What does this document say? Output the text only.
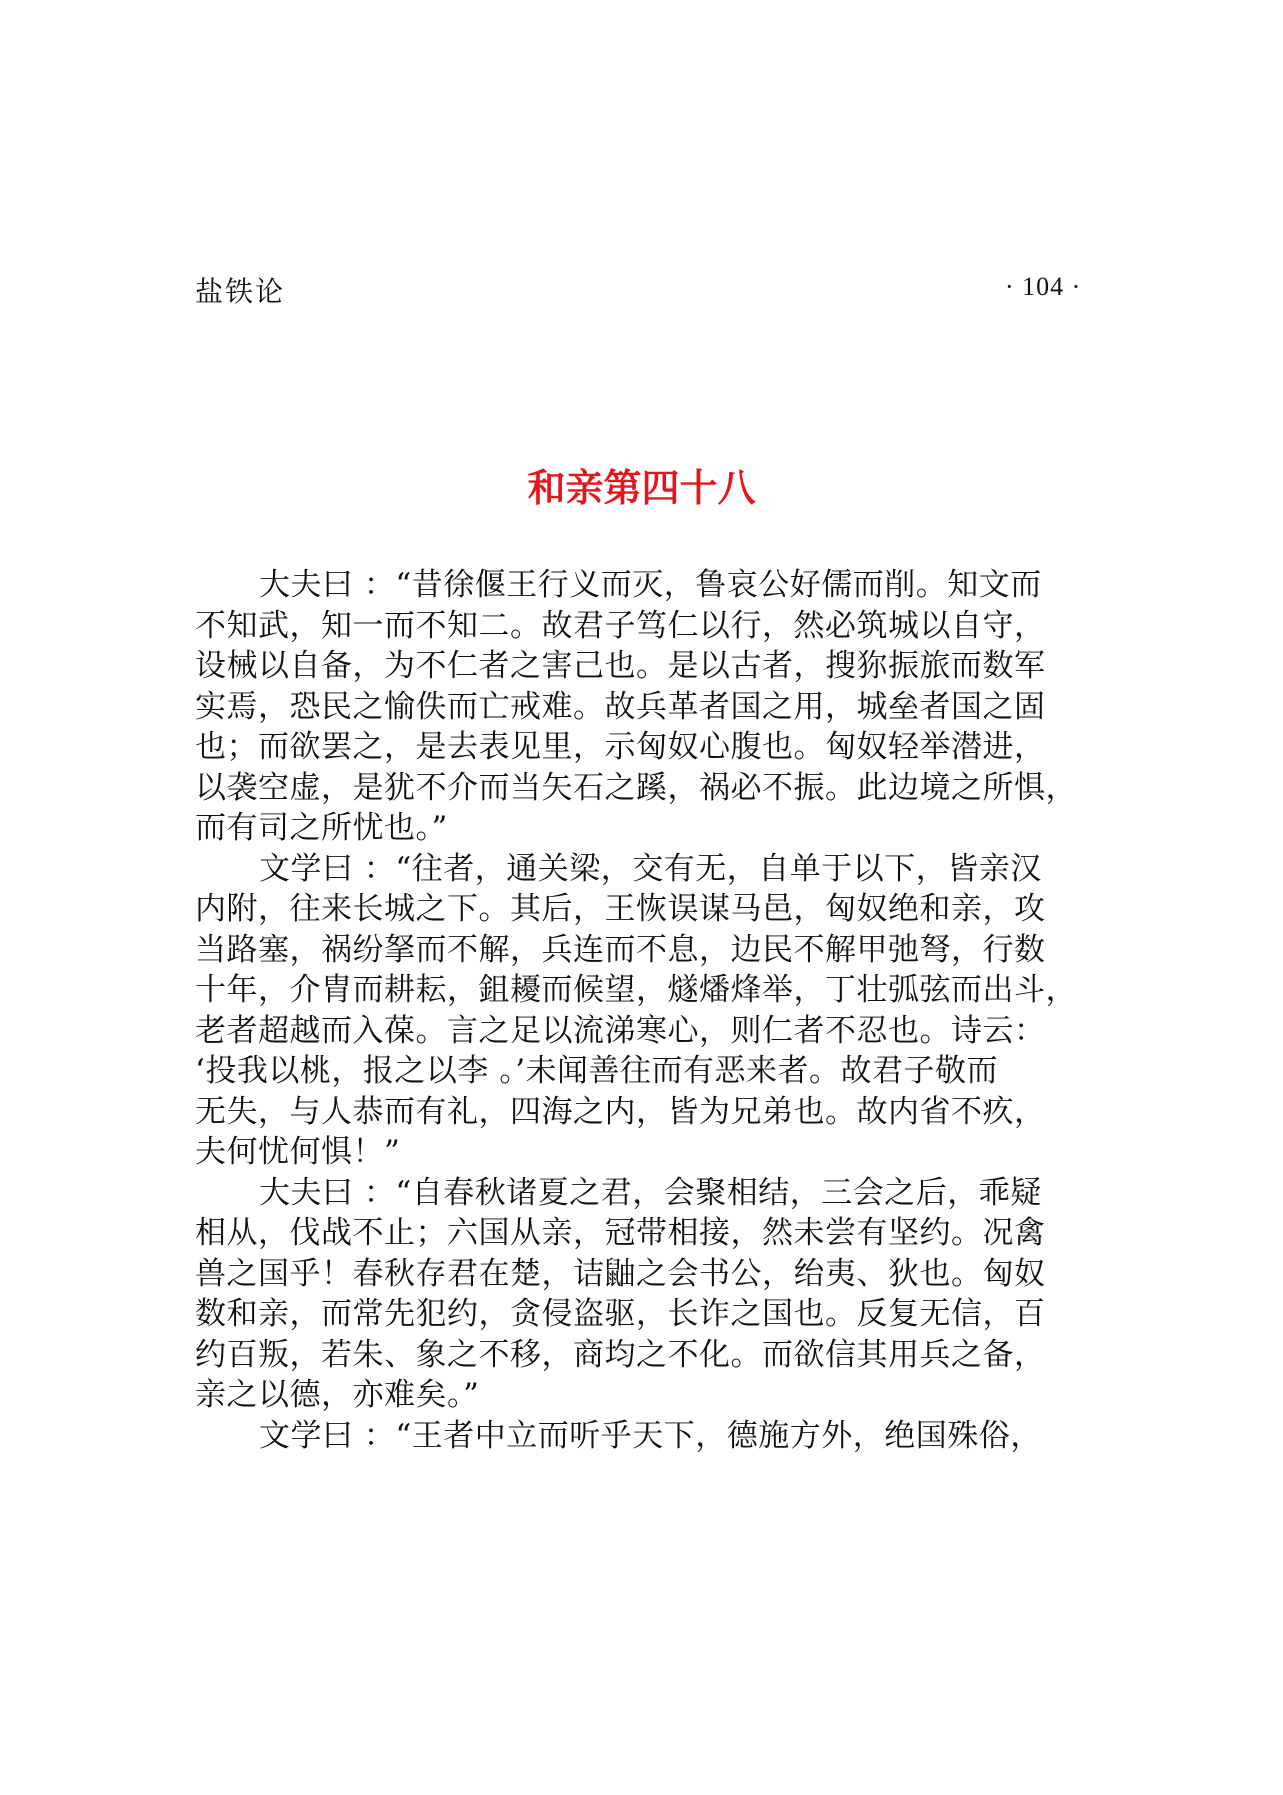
盐铁论	· 104 ·
和亲第四十八
大夫曰 ：“昔徐偃王行义而灭，鲁哀公好儒而削。知文而
不知武，知一而不知二。故君子笃仁以行，然必筑城以自守，
设械以自备，为不仁者之害己也。是以古者，搜狝振旅而数军
实焉，恐民之愉佚而亡戒难。故兵革者国之用，城垒者国之固
也；而欲罢之，是去表见里，示匈奴心腹也。匈奴轻举潜进，
以袭空虚，是犹不介而当矢石之蹊，祸必不振。此边境之所惧，
而有司之所忧也。”
文学曰 ：“往者，通关梁，交有无，自单于以下，皆亲汉
内附，往来长城之下。其后，王恢误谋马邑，匈奴绝和亲，攻
当路塞，祸纷拏而不解，兵连而不息，边民不解甲弛弩，行数
十年，介胄而耕耘，鉏耰而候望，燧燔烽举，丁壮弧弦而出斗，
老者超越而入葆。言之足以流涕寒心，则仁者不忍也。诗云：
‘投我以桃，报之以李 。’未闻善往而有恶来者。故君子敬而
无失，与人恭而有礼，四海之内，皆为兄弟也。故内省不疚，
夫何忧何惧！”
大夫曰 ：“自春秋诸夏之君，会聚相结，三会之后，乖疑
相从，伐战不止；六国从亲，冠带相接，然未尝有坚约。况禽
兽之国乎！春秋存君在楚，诘鼬之会书公，绐夷、狄也。匈奴
数和亲，而常先犯约，贪侵盗驱，长诈之国也。反复无信，百
约百叛，若朱、象之不移，商均之不化。而欲信其用兵之备，
亲之以德，亦难矣。”
文学曰 ：“王者中立而听乎天下，德施方外，绝国殊俗，
